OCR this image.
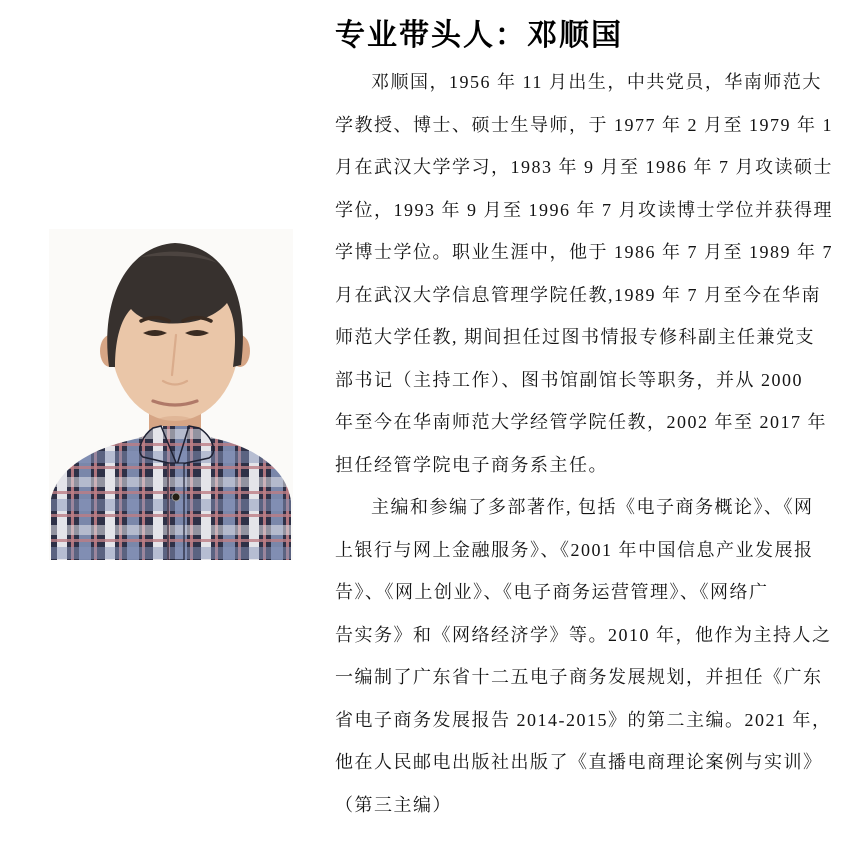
专业带头人：邓顺国
邓顺国，1956 年 11 月出生，中共党员，华南师范大
学教授、博士、硕士生导师，于 1977 年 2 月至 1979 年 1
月在武汉大学学习，1983 年 9 月至 1986 年 7 月攻读硕士
学位，1993 年 9 月至 1996 年 7 月攻读博士学位并获得理
学博士学位。职业生涯中，他于 1986 年 7 月至 1989 年 7
月在武汉大学信息管理学院任教,1989 年 7 月至今在华南
师范大学任教, 期间担任过图书情报专修科副主任兼党支
部书记（主持工作）、图书馆副馆长等职务，并从 2000
年至今在华南师范大学经管学院任教，2002 年至 2017 年
担任经管学院电子商务系主任。
主编和参编了多部著作, 包括《电子商务概论》、《网
上银行与网上金融服务》、《2001 年中国信息产业发展报
告》、《网上创业》、《电子商务运营管理》、《网络广
告实务》和《网络经济学》等。2010 年，他作为主持人之
一编制了广东省十二五电子商务发展规划，并担任《广东
省电子商务发展报告 2014-2015》的第二主编。2021 年，
他在人民邮电出版社出版了《直播电商理论案例与实训》
（第三主编）
